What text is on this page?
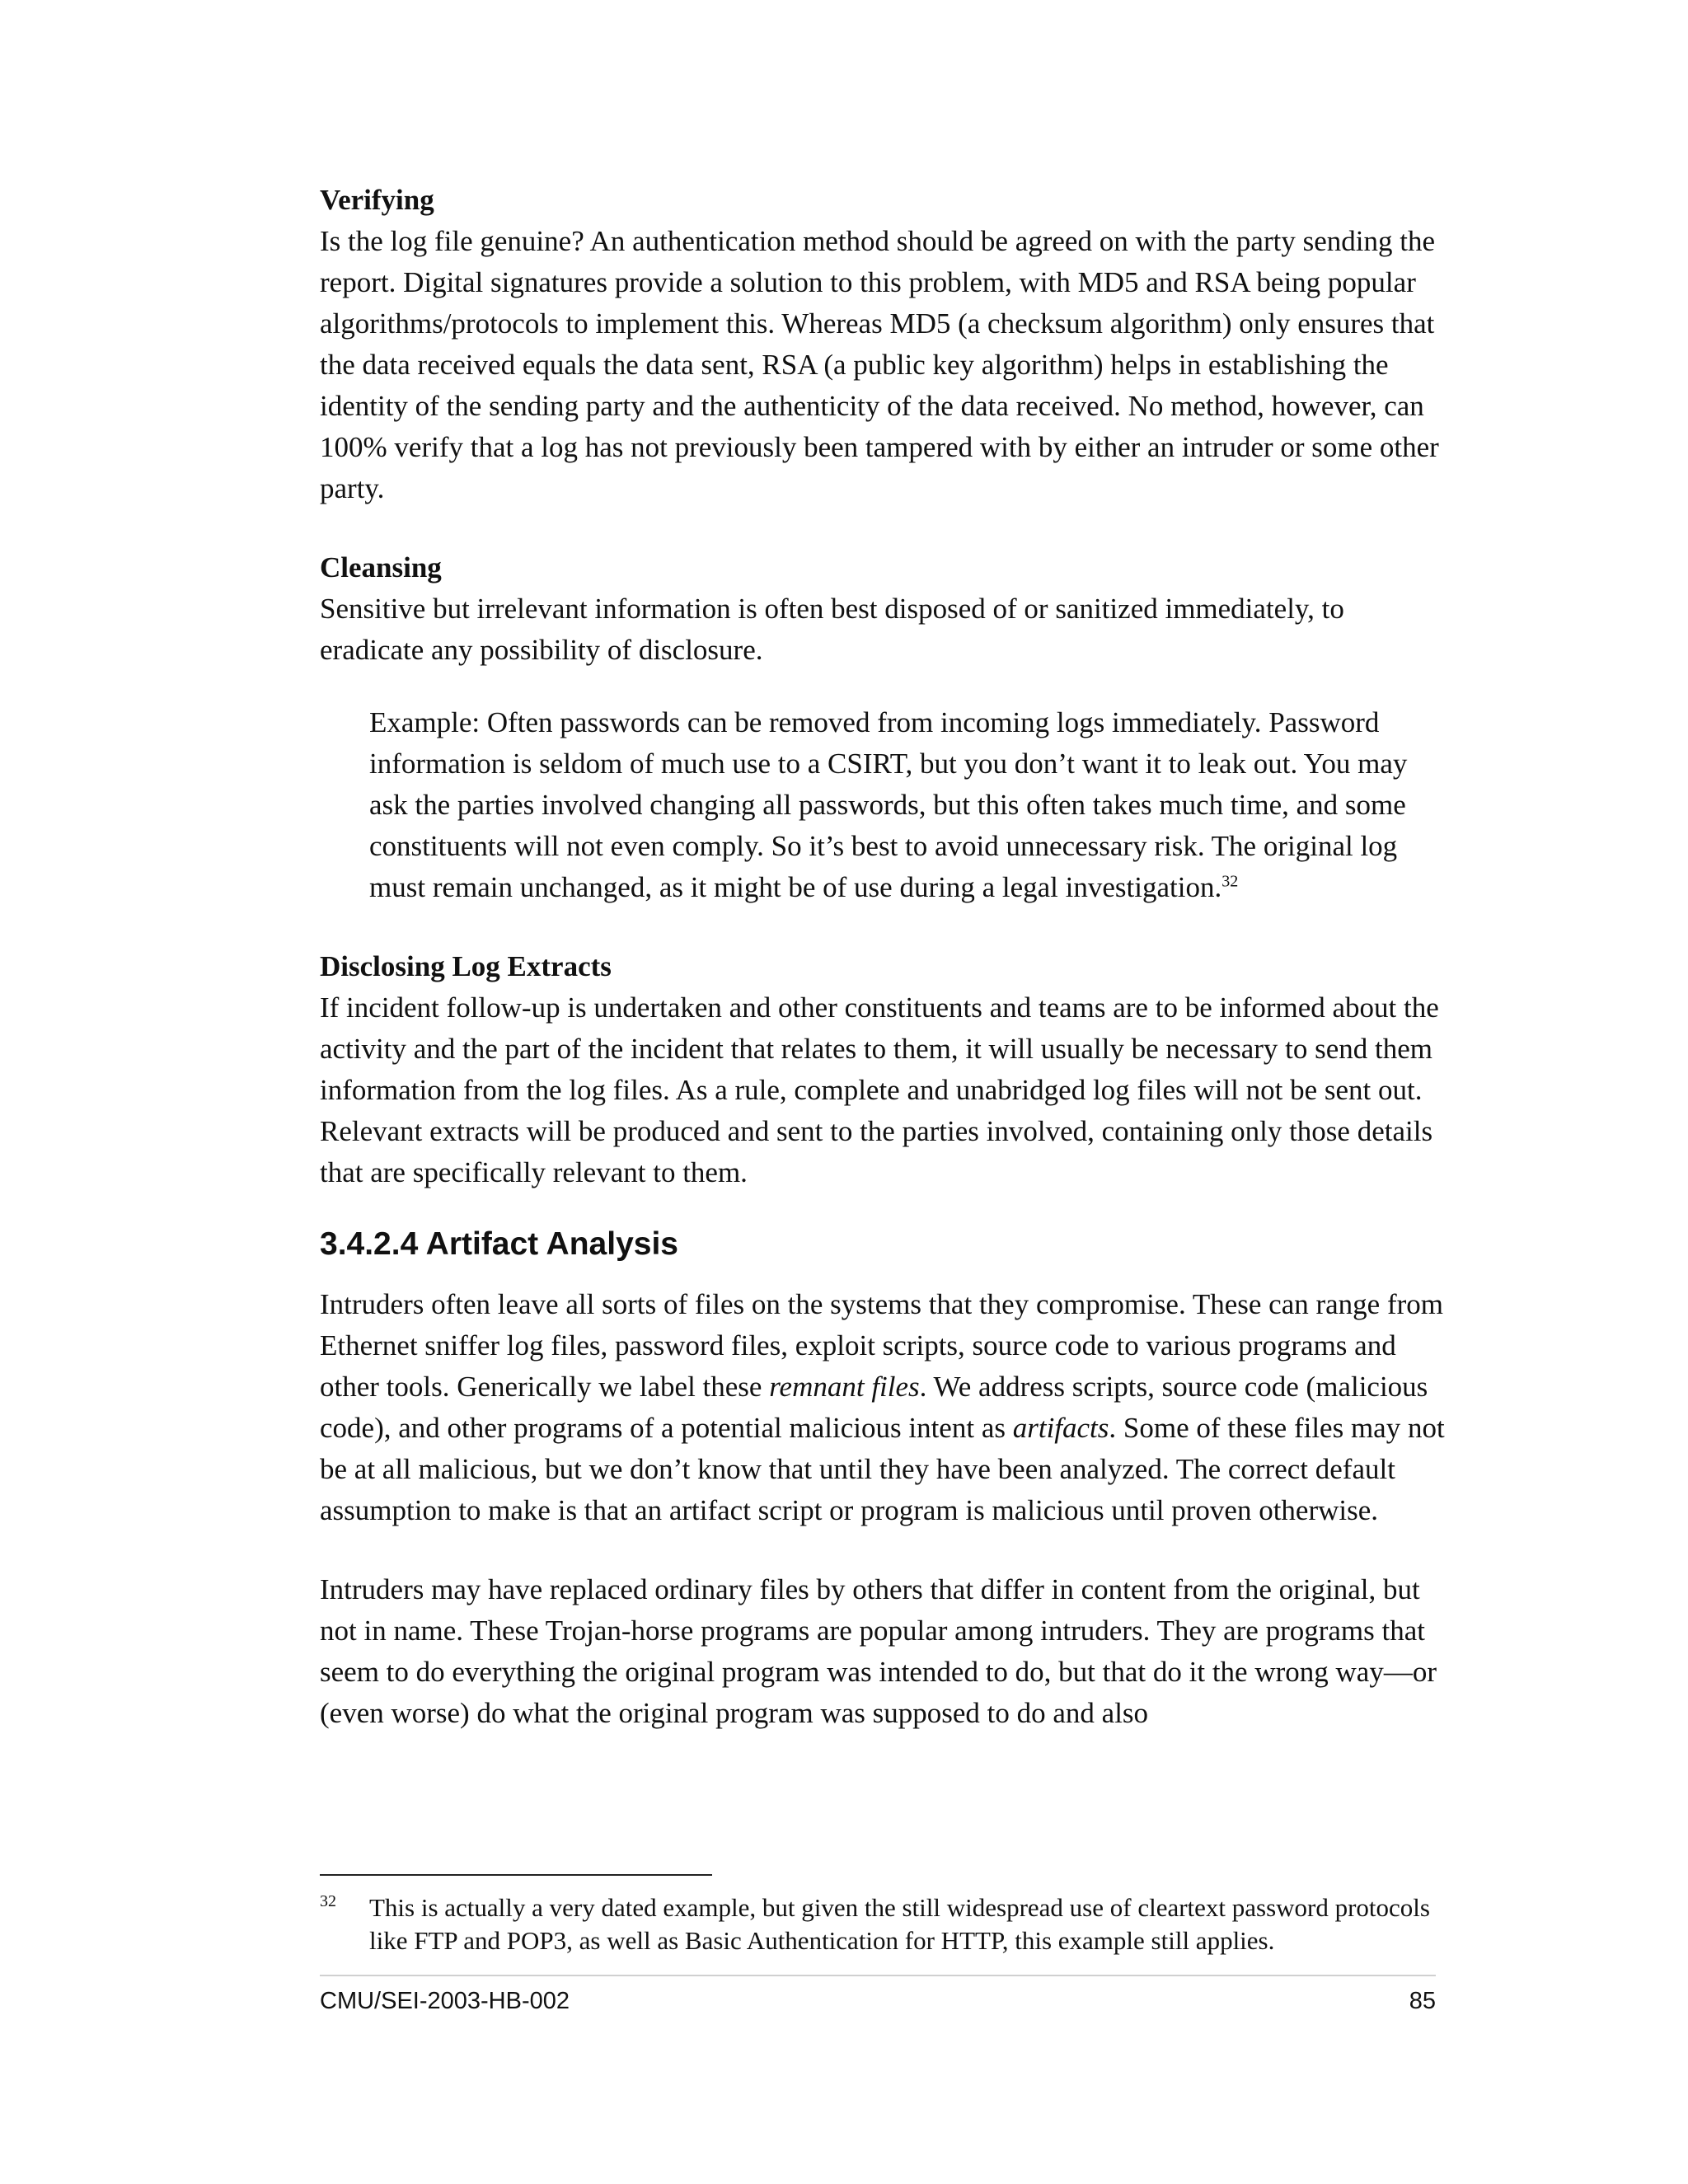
Verifying

Is the log file genuine? An authentication method should be agreed on with the party sending the report. Digital signatures provide a solution to this problem, with MD5 and RSA being popular algorithms/protocols to implement this. Whereas MD5 (a checksum algorithm) only ensures that the data received equals the data sent, RSA (a public key algorithm) helps in establishing the identity of the sending party and the authenticity of the data received. No method, however, can 100% verify that a log has not previously been tampered with by either an intruder or some other party.

Cleansing

Sensitive but irrelevant information is often best disposed of or sanitized immediately, to eradicate any possibility of disclosure.

Example: Often passwords can be removed from incoming logs immediately. Password information is seldom of much use to a CSIRT, but you don’t want it to leak out. You may ask the parties involved changing all passwords, but this often takes much time, and some constituents will not even comply. So it’s best to avoid unnecessary risk. The original log must remain unchanged, as it might be of use during a legal investigation.$^{32}$

Disclosing Log Extracts

If incident follow-up is undertaken and other constituents and teams are to be informed about the activity and the part of the incident that relates to them, it will usually be necessary to send them information from the log files. As a rule, complete and unabridged log files will not be sent out. Relevant extracts will be produced and sent to the parties involved, containing only those details that are specifically relevant to them.

3.4.2.4 Artifact Analysis

Intruders often leave all sorts of files on the systems that they compromise. These can range from Ethernet sniffer log files, password files, exploit scripts, source code to various programs and other tools. Generically we label these remnant files. We address scripts, source code (malicious code), and other programs of a potential malicious intent as artifacts. Some of these files may not be at all malicious, but we don’t know that until they have been analyzed. The correct default assumption to make is that an artifact script or program is malicious until proven otherwise.

Intruders may have replaced ordinary files by others that differ in content from the original, but not in name. These Trojan-horse programs are popular among intruders. They are programs that seem to do everything the original program was intended to do, but that do it the wrong way—or (even worse) do what the original program was supposed to do and also

32	This is actually a very dated example, but given the still widespread use of cleartext password protocols like FTP and POP3, as well as Basic Authentication for HTTP, this example still applies.
CMU/SEI-2003-HB-002	85
